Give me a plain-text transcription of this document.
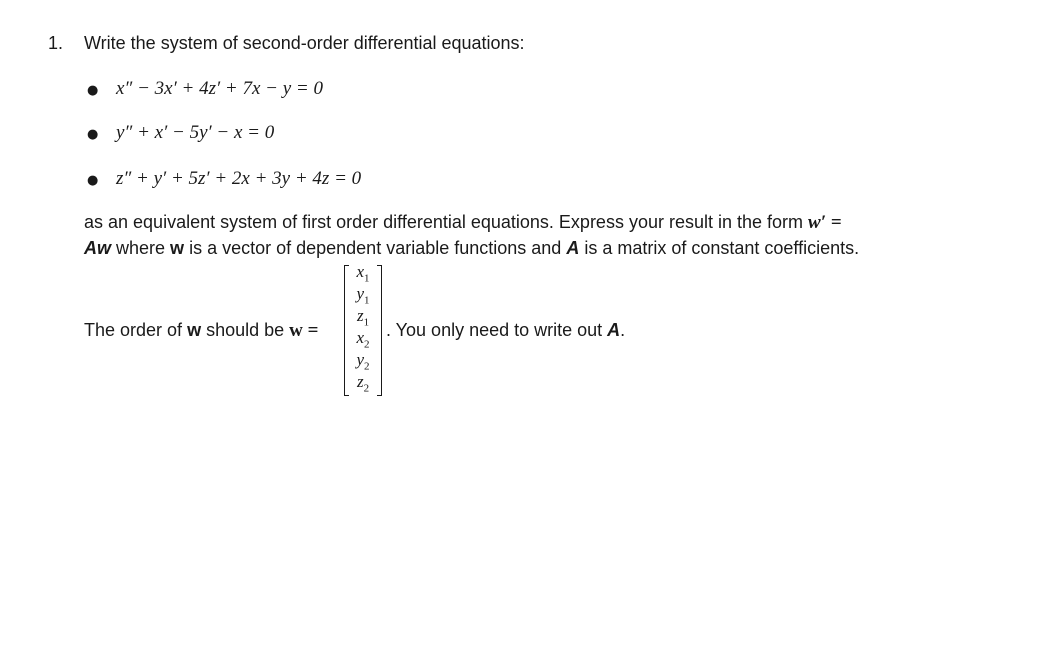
1. Write the system of second-order differential equations:
● x″ − 3x′ + 4z′ + 7x − y = 0
● y″ + x′ − 5y′ − x = 0
● z″ + y′ + 5z′ + 2x + 3y + 4z = 0
as an equivalent system of first order differential equations. Express your result in the form w′ =
Aw where w is a vector of dependent variable functions and A is a matrix of constant coefficients.
The order of w should be w =
$x_1$
$y_1$
$z_1$
$x_2$
$y_2$
$z_2$
. You only need to write out A.
